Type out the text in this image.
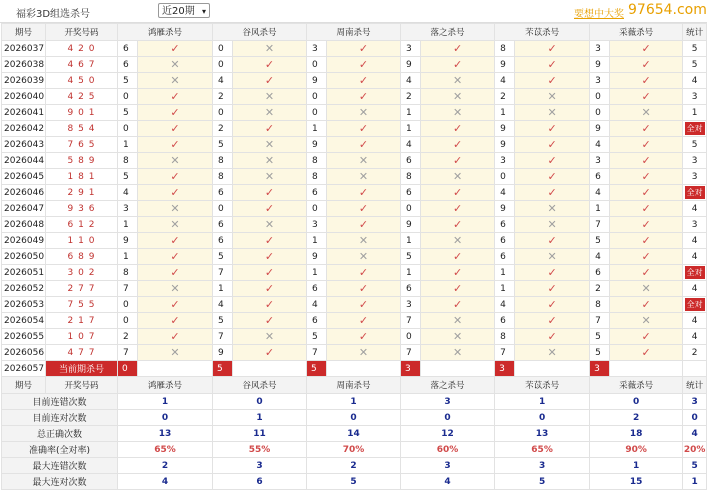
福彩3D组选杀号	近20期 ▾	要想中大奖 97654.com
期号	开奖号码	鸿雁杀号		谷风杀号		周南杀号		落之杀号		芣苡杀号		采薇杀号		统计
2026037	4 2 0	6	✓	0	✕	3	✓	3	✓	8	✓	3	✓	5
2026038	4 6 7	6	✕	0	✓	0	✓	9	✓	9	✓	9	✓	5
2026039	4 5 0	5	✕	4	✓	9	✓	4	✕	4	✓	3	✓	4
2026040	4 2 5	0	✓	2	✕	0	✓	2	✕	2	✕	0	✓	3
2026041	9 0 1	5	✓	0	✕	0	✕	1	✕	1	✕	0	✕	1
2026042	8 5 4	0	✓	2	✓	1	✓	1	✓	9	✓	9	✓	全对
2026043	7 6 5	1	✓	5	✕	9	✓	4	✓	9	✓	4	✓	5
2026044	5 8 9	8	✕	8	✕	8	✕	6	✓	3	✓	3	✓	3
2026045	1 8 1	5	✓	8	✕	8	✕	8	✕	0	✓	6	✓	3
2026046	2 9 1	4	✓	6	✓	6	✓	6	✓	4	✓	4	✓	全对
2026047	9 3 6	3	✕	0	✓	0	✓	0	✓	9	✕	1	✓	4
2026048	6 1 2	1	✕	6	✕	3	✓	9	✓	6	✕	7	✓	3
2026049	1 1 0	9	✓	6	✓	1	✕	1	✕	6	✓	5	✓	4
2026050	6 8 9	1	✓	5	✓	9	✕	5	✓	6	✕	4	✓	4
2026051	3 0 2	8	✓	7	✓	1	✓	1	✓	1	✓	6	✓	全对
2026052	2 7 7	7	✕	1	✓	6	✓	6	✓	1	✓	2	✕	4
2026053	7 5 5	0	✓	4	✓	4	✓	3	✓	4	✓	8	✓	全对
2026054	2 1 7	0	✓	5	✓	6	✓	7	✕	6	✓	7	✕	4
2026055	1 0 7	2	✓	7	✕	5	✓	0	✕	8	✓	5	✓	4
2026056	4 7 7	7	✕	9	✓	7	✕	7	✕	7	✕	5	✓	2
2026057	当前期杀号	0		5		5		3		3		3		
期号	开奖号码	鸿雁杀号		谷风杀号		周南杀号		落之杀号		芣苡杀号		采薇杀号		统计
目前连错次数		1		0		1		3		1		0		3
目前连对次数		0		1		0		0		0		2		0
总正确次数		13		11		14		12		13		18		4
准确率(全对率)		65%		55%		70%		60%		65%		90%		20%
最大连错次数		2		3		2		3		3		1		5
最大连对次数		4		6		5		4		5		15		1
